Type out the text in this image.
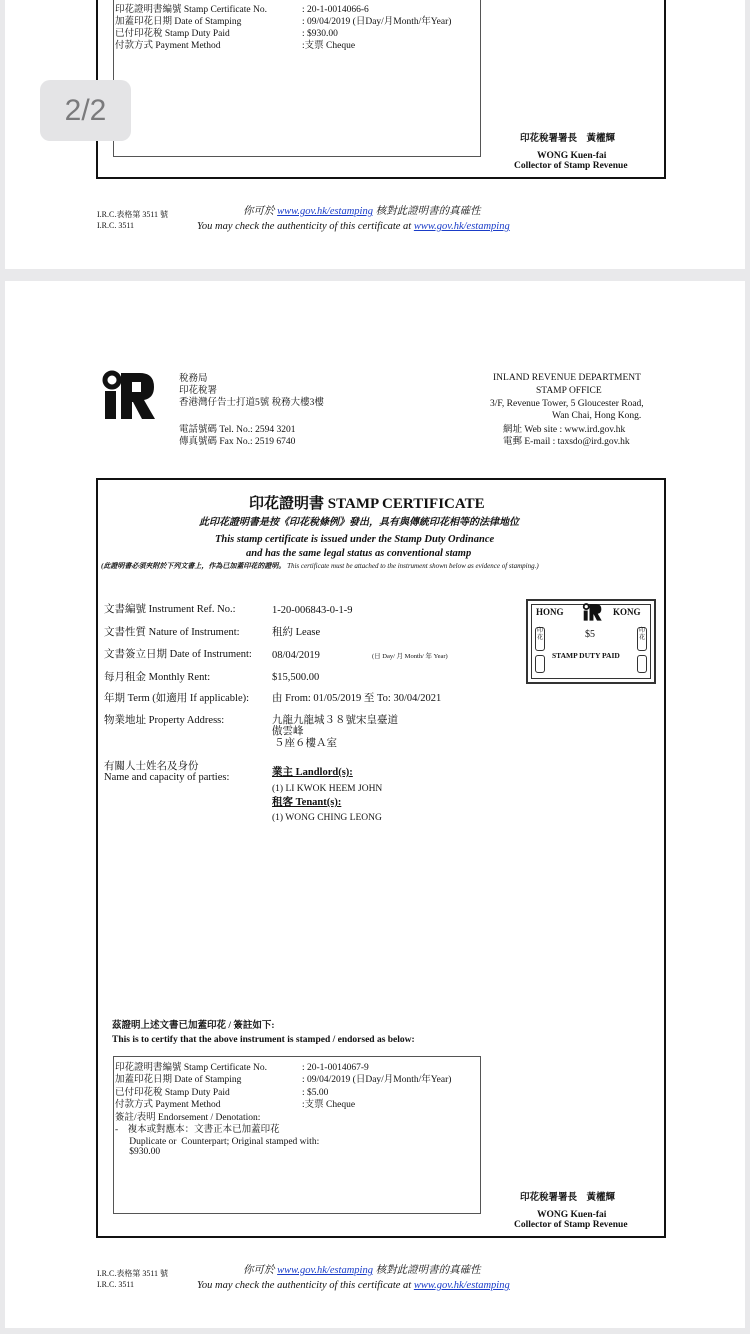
印花證明書編號 Stamp Certificate No.	: 20-1-0014066-6
加蓋印花日期 Date of Stamping	: 09/04/2019 (日Day/月Month/年Year)
已付印花稅 Stamp Duty Paid	: $930.00
付款方式 Payment Method	:支票 Cheque
印花稅署署長　黃權輝
WONG Kuen-fai
Collector of Stamp Revenue
I.R.C.表格第 3511 號
I.R.C. 3511
你可於 www.gov.hk/estamping 核對此證明書的真確性
You may check the authenticity of this certificate at www.gov.hk/estamping
2/2
稅務局
印花稅署
香港灣仔告士打道5號 稅務大樓3樓
電話號碼 Tel. No.: 2594 3201
傳真號碼 Fax No.: 2519 6740
INLAND REVENUE DEPARTMENT
STAMP OFFICE
3/F, Revenue Tower, 5 Gloucester Road,
Wan Chai, Hong Kong.
網址 Web site : www.ird.gov.hk
電郵 E-mail : taxsdo@ird.gov.hk
印花證明書 STAMP CERTIFICATE
此印花證明書是按《印花稅條例》發出，具有與傳統印花相等的法律地位
This stamp certificate is issued under the Stamp Duty Ordinance
and has the same legal status as conventional stamp
(此證明書必須夾附於下列文書上，作為已加蓋印花的證明。 This certificate must be attached to the instrument shown below as evidence of stamping.)
HONG	KONG
印花	$5	印花
STAMP DUTY PAID
文書編號 Instrument Ref. No.:	1-20-006843-0-1-9
文書性質 Nature of Instrument:	租約 Lease
文書簽立日期 Date of Instrument: 08/04/2019	(日 Day/ 月 Month/ 年 Year)
每月租金 Monthly Rent:	$15,500.00
年期 Term (如適用 If applicable): 由 From: 01/05/2019 至 To: 30/04/2021
物業地址 Property Address:	九龍九龍城３８號宋皇臺道
傲雲峰
５座６樓Ａ室
有關人士姓名及身份
Name and capacity of parties:	業主 Landlord(s):
(1) LI KWOK HEEM JOHN
租客 Tenant(s):
(1) WONG CHING LEONG
茲證明上述文書已加蓋印花 / 簽註如下:
This is to certify that the above instrument is stamped / endorsed as below:
印花證明書編號 Stamp Certificate No.	: 20-1-0014067-9
加蓋印花日期 Date of Stamping	: 09/04/2019 (日Day/月Month/年Year)
已付印花稅 Stamp Duty Paid	: $5.00
付款方式 Payment Method	:支票 Cheque
簽註/表明 Endorsement / Denotation:
-    複本或對應本：文書正本已加蓋印花
Duplicate or  Counterpart; Original stamped with:
$930.00
印花稅署署長　黃權輝
WONG Kuen-fai
Collector of Stamp Revenue
I.R.C.表格第 3511 號
I.R.C. 3511
你可於 www.gov.hk/estamping 核對此證明書的真確性
You may check the authenticity of this certificate at www.gov.hk/estamping
